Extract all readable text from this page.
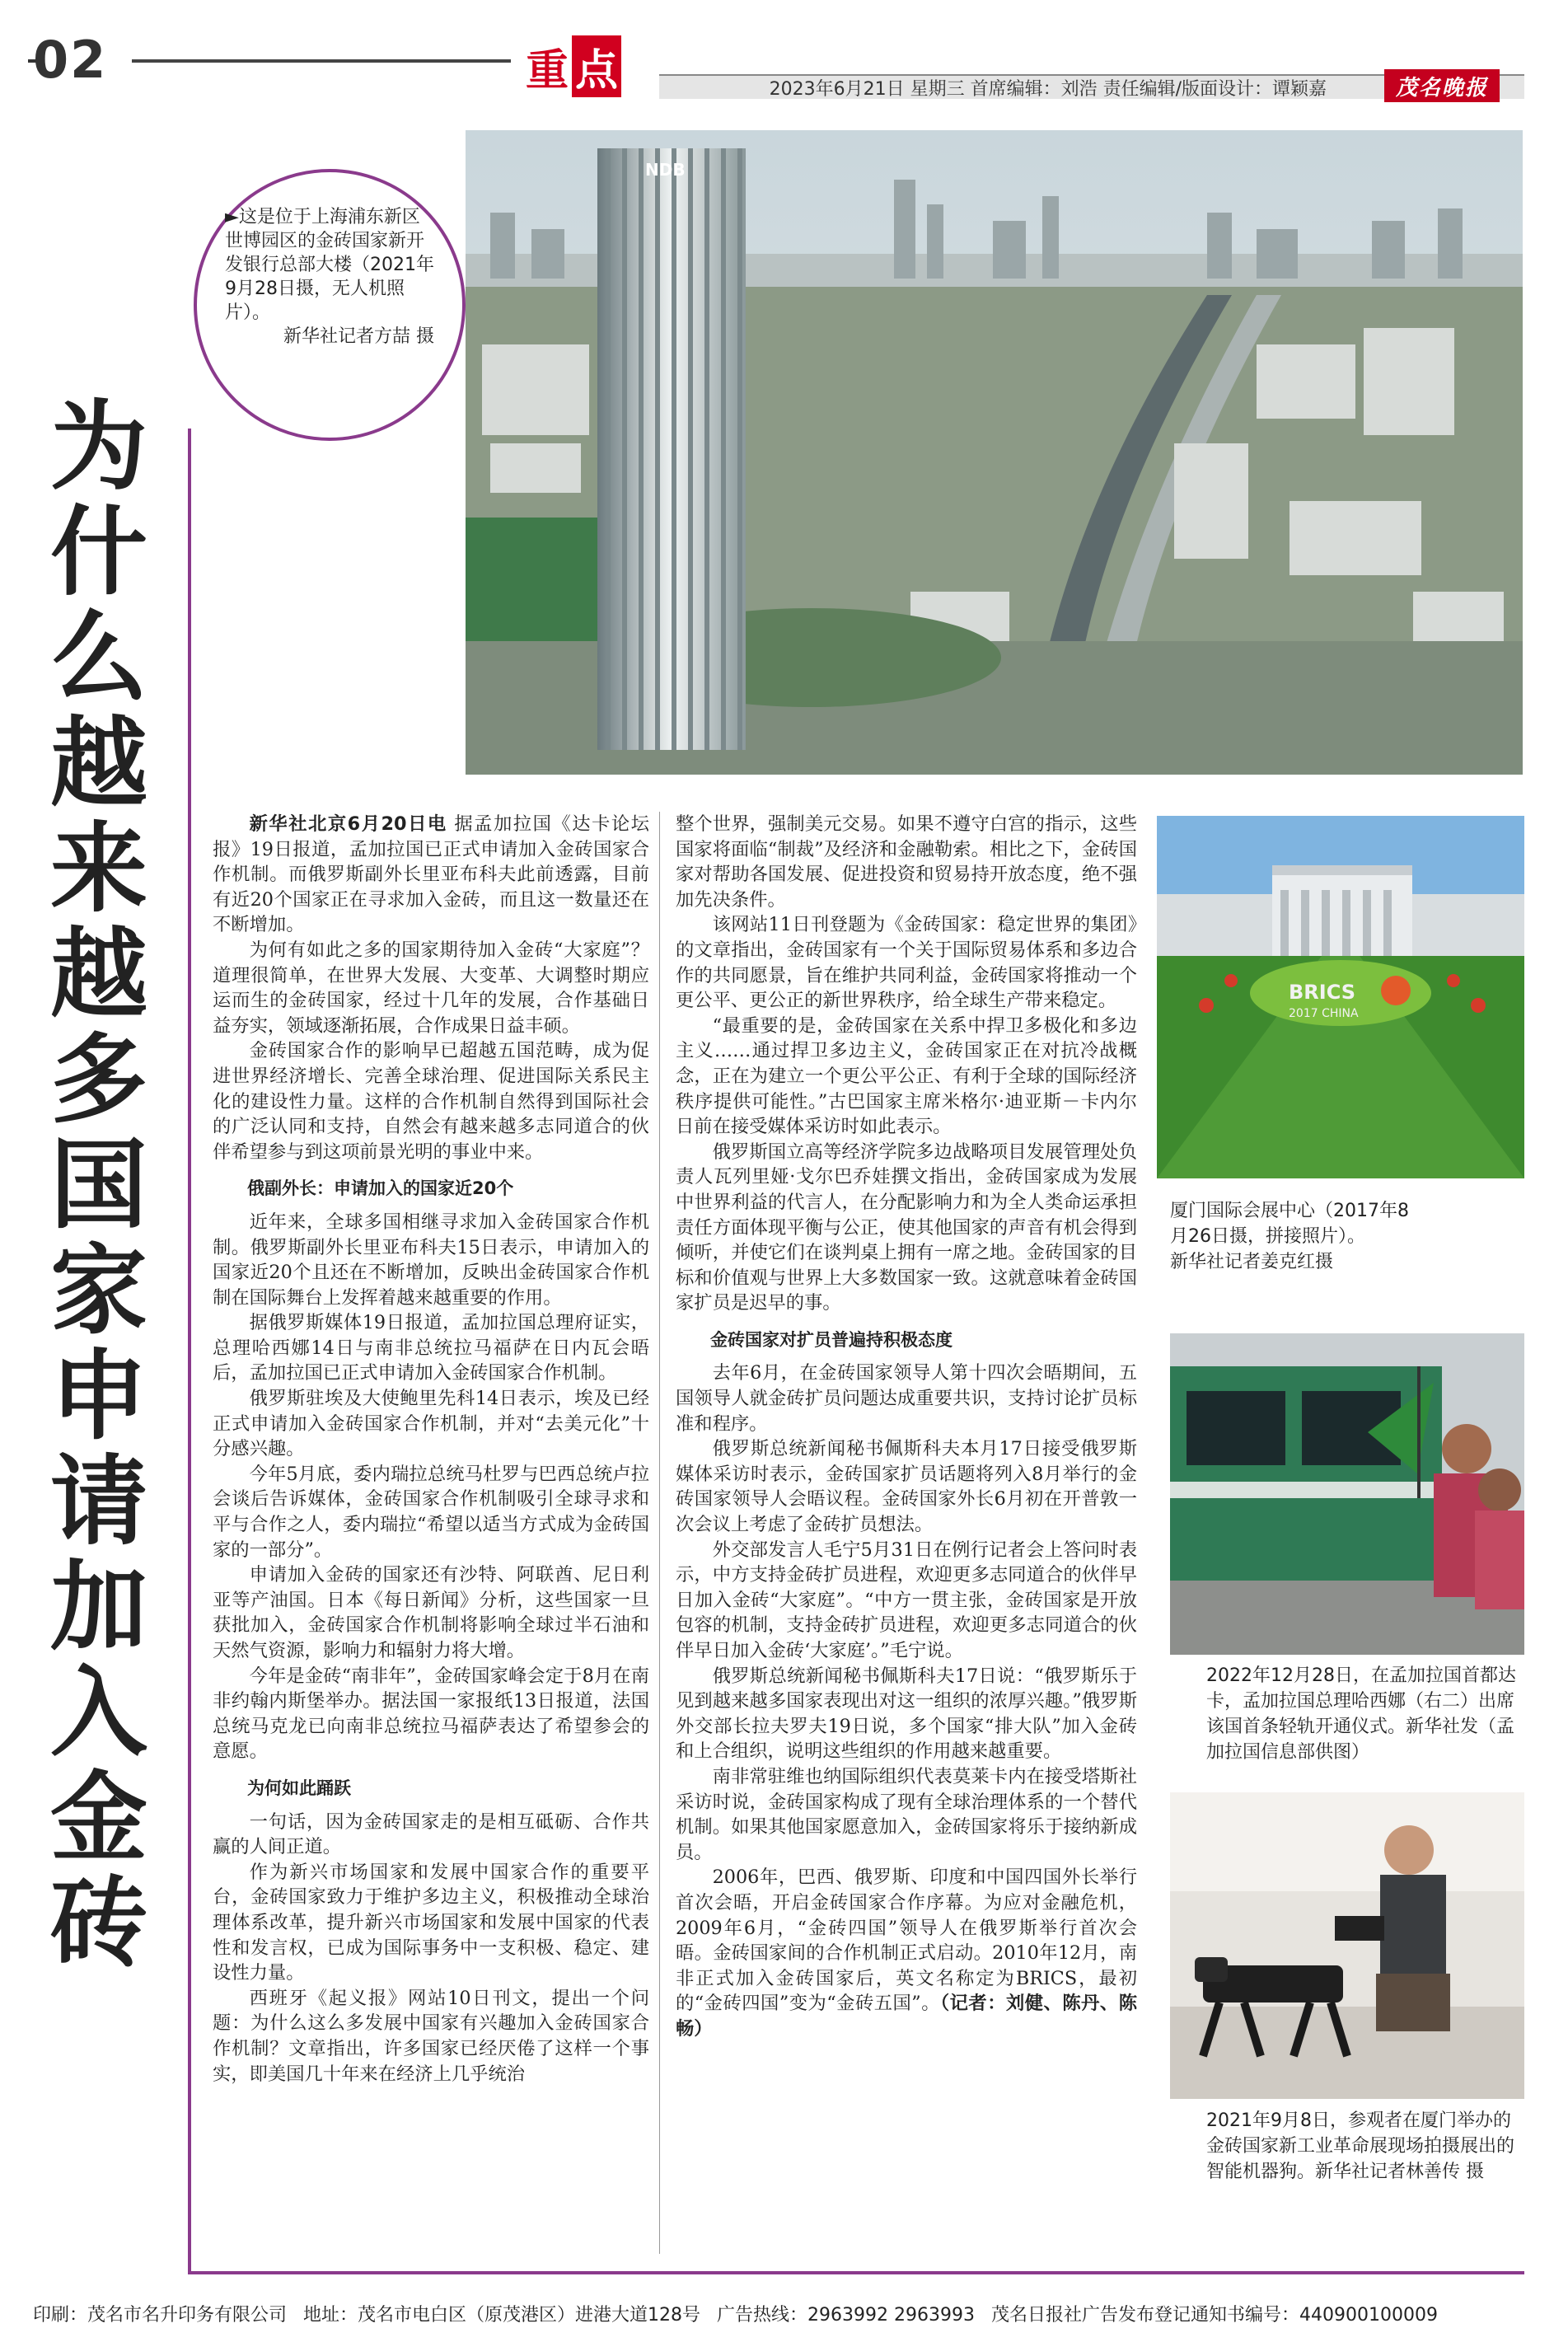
02	重 点	2023年6月21日 星期三 首席编辑：刘浩 责任编辑/版面设计：谭颖嘉	茂名晚报
NDB
►这是位于上海浦东新区世博园区的金砖国家新开发银行总部大楼（2021年9月28日摄，无人机照片）。
新华社记者方喆 摄
为
什
么
越
来
越
多
国
家
申
请
加
入
金
砖

新华社北京6月20日电 据孟加拉国《达卡论坛报》19日报道，孟加拉国已正式申请加入金砖国家合作机制。而俄罗斯副外长里亚布科夫此前透露，目前有近20个国家正在寻求加入金砖，而且这一数量还在不断增加。

为何有如此之多的国家期待加入金砖“大家庭”？道理很简单，在世界大发展、大变革、大调整时期应运而生的金砖国家，经过十几年的发展，合作基础日益夯实，领域逐渐拓展，合作成果日益丰硕。

金砖国家合作的影响早已超越五国范畴，成为促进世界经济增长、完善全球治理、促进国际关系民主化的建设性力量。这样的合作机制自然得到国际社会的广泛认同和支持，自然会有越来越多志同道合的伙伴希望参与到这项前景光明的事业中来。

俄副外长：申请加入的国家近20个

近年来，全球多国相继寻求加入金砖国家合作机制。俄罗斯副外长里亚布科夫15日表示，申请加入的国家近20个且还在不断增加，反映出金砖国家合作机制在国际舞台上发挥着越来越重要的作用。

据俄罗斯媒体19日报道，孟加拉国总理府证实，总理哈西娜14日与南非总统拉马福萨在日内瓦会晤后，孟加拉国已正式申请加入金砖国家合作机制。

俄罗斯驻埃及大使鲍里先科14日表示，埃及已经正式申请加入金砖国家合作机制，并对“去美元化”十分感兴趣。

今年5月底，委内瑞拉总统马杜罗与巴西总统卢拉会谈后告诉媒体，金砖国家合作机制吸引全球寻求和平与合作之人，委内瑞拉“希望以适当方式成为金砖国家的一部分”。

申请加入金砖的国家还有沙特、阿联酋、尼日利亚等产油国。日本《每日新闻》分析，这些国家一旦获批加入，金砖国家合作机制将影响全球过半石油和天然气资源，影响力和辐射力将大增。

今年是金砖“南非年”，金砖国家峰会定于8月在南非约翰内斯堡举办。据法国一家报纸13日报道，法国总统马克龙已向南非总统拉马福萨表达了希望参会的意愿。

为何如此踊跃

一句话，因为金砖国家走的是相互砥砺、合作共赢的人间正道。

作为新兴市场国家和发展中国家合作的重要平台，金砖国家致力于维护多边主义，积极推动全球治理体系改革，提升新兴市场国家和发展中国家的代表性和发言权，已成为国际事务中一支积极、稳定、建设性力量。

西班牙《起义报》网站10日刊文，提出一个问题：为什么这么多发展中国家有兴趣加入金砖国家合作机制？文章指出，许多国家已经厌倦了这样一个事实，即美国几十年来在经济上几乎统治

整个世界，强制美元交易。如果不遵守白宫的指示，这些国家将面临“制裁”及经济和金融勒索。相比之下，金砖国家对帮助各国发展、促进投资和贸易持开放态度，绝不强加先决条件。

该网站11日刊登题为《金砖国家：稳定世界的集团》的文章指出，金砖国家有一个关于国际贸易体系和多边合作的共同愿景，旨在维护共同利益，金砖国家将推动一个更公平、更公正的新世界秩序，给全球生产带来稳定。

“最重要的是，金砖国家在关系中捍卫多极化和多边主义……通过捍卫多边主义，金砖国家正在对抗冷战概念，正在为建立一个更公平公正、有利于全球的国际经济秩序提供可能性。”古巴国家主席米格尔·迪亚斯－卡内尔日前在接受媒体采访时如此表示。

俄罗斯国立高等经济学院多边战略项目发展管理处负责人瓦列里娅·戈尔巴乔娃撰文指出，金砖国家成为发展中世界利益的代言人，在分配影响力和为全人类命运承担责任方面体现平衡与公正，使其他国家的声音有机会得到倾听，并使它们在谈判桌上拥有一席之地。金砖国家的目标和价值观与世界上大多数国家一致。这就意味着金砖国家扩员是迟早的事。

金砖国家对扩员普遍持积极态度

去年6月，在金砖国家领导人第十四次会晤期间，五国领导人就金砖扩员问题达成重要共识，支持讨论扩员标准和程序。

俄罗斯总统新闻秘书佩斯科夫本月17日接受俄罗斯媒体采访时表示，金砖国家扩员话题将列入8月举行的金砖国家领导人会晤议程。金砖国家外长6月初在开普敦一次会议上考虑了金砖扩员想法。

外交部发言人毛宁5月31日在例行记者会上答问时表示，中方支持金砖扩员进程，欢迎更多志同道合的伙伴早日加入金砖“大家庭”。“中方一贯主张，金砖国家是开放包容的机制，支持金砖扩员进程，欢迎更多志同道合的伙伴早日加入金砖‘大家庭’。”毛宁说。

俄罗斯总统新闻秘书佩斯科夫17日说：“俄罗斯乐于见到越来越多国家表现出对这一组织的浓厚兴趣。”俄罗斯外交部长拉夫罗夫19日说，多个国家“排大队”加入金砖和上合组织，说明这些组织的作用越来越重要。

南非常驻维也纳国际组织代表莫莱卡内在接受塔斯社采访时说，金砖国家构成了现有全球治理体系的一个替代机制。如果其他国家愿意加入，金砖国家将乐于接纳新成员。

2006年，巴西、俄罗斯、印度和中国四国外长举行首次会晤，开启金砖国家合作序幕。为应对金融危机，2009年6月，“金砖四国”领导人在俄罗斯举行首次会晤。金砖国家间的合作机制正式启动。2010年12月，南非正式加入金砖国家后，英文名称定为BRICS，最初的“金砖四国”变为“金砖五国”。（记者：刘健、陈丹、陈畅）

BRICS
2017 CHINA
厦门国际会展中心（2017年8月26日摄，拼接照片）。
新华社记者姜克红摄
2022年12月28日，在孟加拉国首都达卡，孟加拉国总理哈西娜（右二）出席该国首条轻轨开通仪式。新华社发（孟加拉国信息部供图）
2021年9月8日，参观者在厦门举办的金砖国家新工业革命展现场拍摄展出的智能机器狗。新华社记者林善传 摄
印刷：茂名市名升印务有限公司 地址：茂名市电白区（原茂港区）进港大道128号 广告热线：2963992 2963993 茂名日报社广告发布登记通知书编号：440900100009
